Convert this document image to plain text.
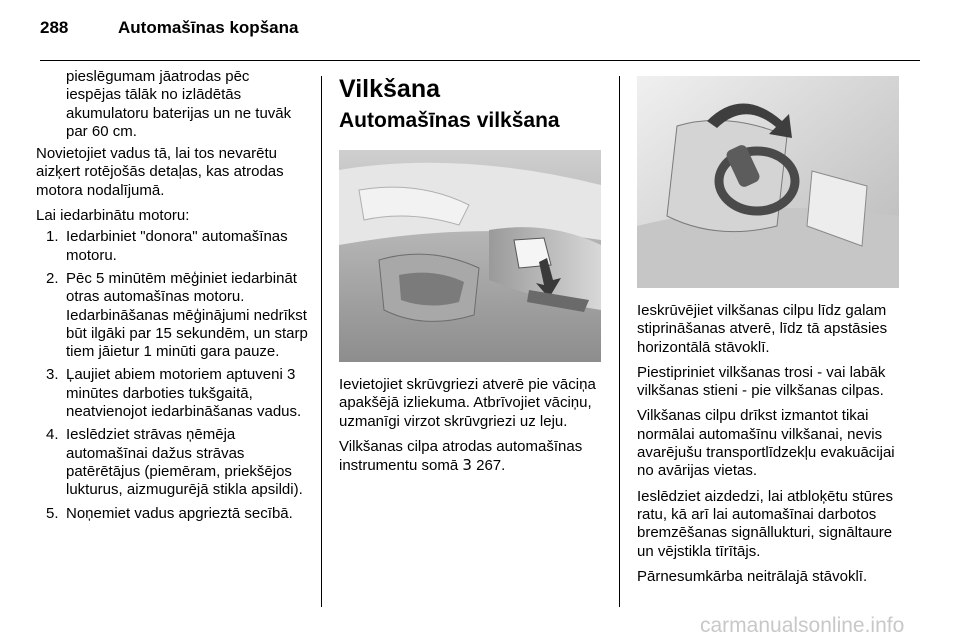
288	Automašīnas kopšana

pieslēgumam jāatrodas pēc iespējas tālāk no izlādētās akumulatoru baterijas un ne tuvāk par 60 cm.

Novietojiet vadus tā, lai tos nevarētu aizķert rotējošās detaļas, kas atrodas motora nodalījumā.

Lai iedarbinātu motoru:

1. Iedarbiniet "donora" automašīnas motoru.
2. Pēc 5 minūtēm mēģiniet iedarbināt otras automašīnas motoru. Iedarbināšanas mēģinājumi nedrīkst būt ilgāki par 15 sekundēm, un starp tiem jāietur 1 minūti gara pauze.
3. Ļaujiet abiem motoriem aptuveni 3 minūtes darboties tukšgaitā, neatvienojot iedarbināšanas vadus.
4. Ieslēdziet strāvas ņēmēja automašīnai dažus strāvas patērētājus (piemēram, priekšējos lukturus, aizmugurējā stikla apsildi).
5. Noņemiet vadus apgrieztā secībā.
Vilkšana
Automašīnas vilkšana

Ievietojiet skrūvgriezi atverē pie vāciņa apakšējā izliekuma. Atbrīvojiet vāciņu, uzmanīgi virzot skrūvgriezi uz leju.

Vilkšanas cilpa atrodas automašīnas instrumentu somā 3 267.

Ieskrūvējiet vilkšanas cilpu līdz galam stiprināšanas atverē, līdz tā apstāsies horizontālā stāvoklī.

Piestipriniet vilkšanas trosi - vai labāk vilkšanas stieni - pie vilkšanas cilpas.

Vilkšanas cilpu drīkst izmantot tikai normālai automašīnu vilkšanai, nevis avarējušu transportlīdzekļu evakuācijai no avārijas vietas.

Ieslēdziet aizdedzi, lai atbloķētu stūres ratu, kā arī lai automašīnai darbotos bremzēšanas signāllukturi, signāltaure un vējstikla tīrītājs.

Pārnesumkārba neitrālajā stāvoklī.

carmanualsonline.info
